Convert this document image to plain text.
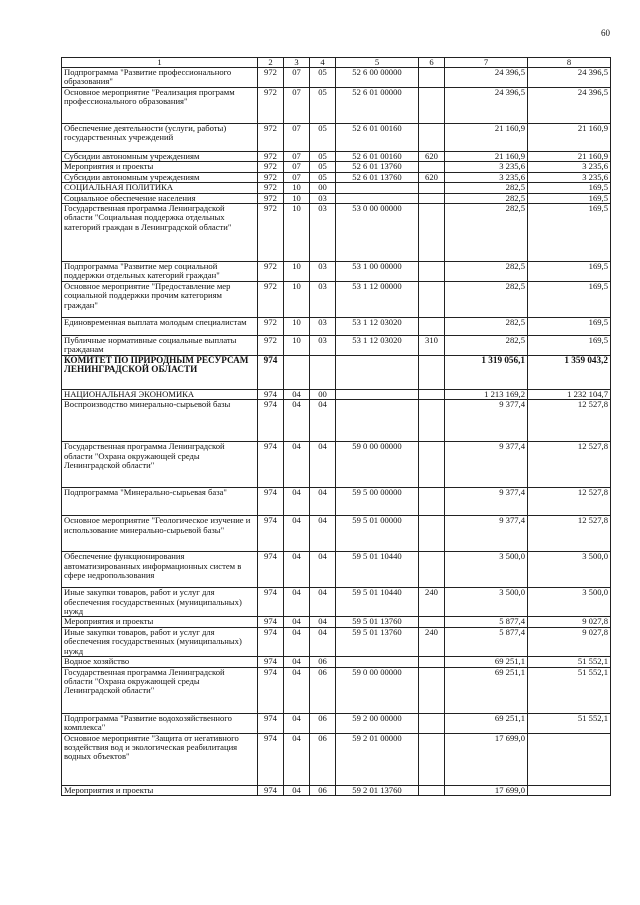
60
1	2	3	4	5	6	7	8
Подпрограмма "Развитие профессионального образования"	972	07	05	52 6 00 00000		24 396,5	24 396,5
Основное мероприятие "Реализация программ профессионального образования"	972	07	05	52 6 01 00000		24 396,5	24 396,5
Обеспечение деятельности (услуги, работы) государственных учреждений	972	07	05	52 6 01 00160		21 160,9	21 160,9
Субсидии автономным учреждениям	972	07	05	52 6 01 00160	620	21 160,9	21 160,9
Мероприятия и проекты	972	07	05	52 6 01 13760		3 235,6	3 235,6
Субсидии автономным учреждениям	972	07	05	52 6 01 13760	620	3 235,6	3 235,6
СОЦИАЛЬНАЯ ПОЛИТИКА	972	10	00			282,5	169,5
Социальное обеспечение населения	972	10	03			282,5	169,5
Государственная программа Ленинградской области "Социальная поддержка отдельных категорий граждан в Ленинградской области"	972	10	03	53 0 00 00000		282,5	169,5
Подпрограмма "Развитие мер социальной поддержки отдельных категорий граждан"	972	10	03	53 1 00 00000		282,5	169,5
Основное мероприятие "Предоставление мер социальной поддержки прочим категориям граждан"	972	10	03	53 1 12 00000		282,5	169,5
Единовременная выплата молодым специалистам	972	10	03	53 1 12 03020		282,5	169,5
Публичные нормативные социальные выплаты гражданам	972	10	03	53 1 12 03020	310	282,5	169,5
КОМИТЕТ ПО ПРИРОДНЫМ РЕСУРСАМ ЛЕНИНГРАДСКОЙ ОБЛАСТИ	974					1 319 056,1	1 359 043,2
НАЦИОНАЛЬНАЯ ЭКОНОМИКА	974	04	00			1 213 169,2	1 232 104,7
Воспроизводство минерально-сырьевой базы	974	04	04			9 377,4	12 527,8
Государственная программа Ленинградской области "Охрана окружающей среды Ленинградской области"	974	04	04	59 0 00 00000		9 377,4	12 527,8
Подпрограмма "Минерально-сырьевая база"	974	04	04	59 5 00 00000		9 377,4	12 527,8
Основное мероприятие "Геологическое изучение и использование минерально-сырьевой базы"	974	04	04	59 5 01 00000		9 377,4	12 527,8
Обеспечение функционирования автоматизированных информационных систем в сфере недропользования	974	04	04	59 5 01 10440		3 500,0	3 500,0
Иные закупки товаров, работ и услуг для обеспечения государственных (муниципальных) нужд	974	04	04	59 5 01 10440	240	3 500,0	3 500,0
Мероприятия и проекты	974	04	04	59 5 01 13760		5 877,4	9 027,8
Иные закупки товаров, работ и услуг для обеспечения государственных (муниципальных) нужд	974	04	04	59 5 01 13760	240	5 877,4	9 027,8
Водное хозяйство	974	04	06			69 251,1	51 552,1
Государственная программа Ленинградской области "Охрана окружающей среды Ленинградской области"	974	04	06	59 0 00 00000		69 251,1	51 552,1
Подпрограмма "Развитие водохозяйственного комплекса"	974	04	06	59 2 00 00000		69 251,1	51 552,1
Основное мероприятие "Защита от негативного воздействия вод и экологическая реабилитация водных объектов"	974	04	06	59 2 01 00000		17 699,0	
Мероприятия и проекты	974	04	06	59 2 01 13760		17 699,0	
